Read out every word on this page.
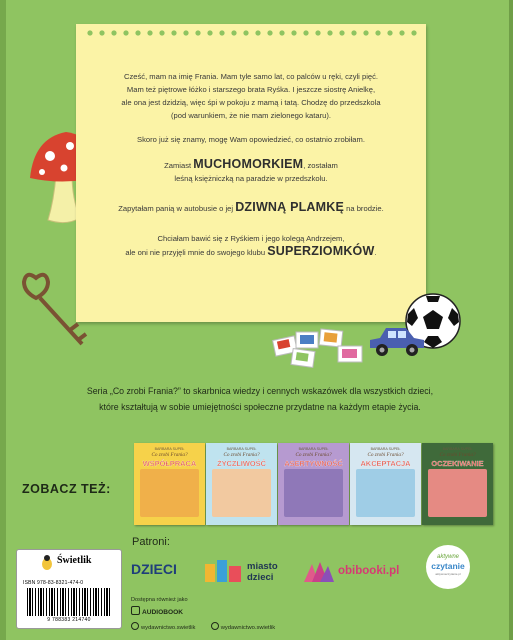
Cześć, mam na imię Frania. Mam tyle samo lat, co palców u ręki, czyli pięć.
Mam też piętrowe łóżko i starszego brata Ryśka. I jeszcze siostrę Anielkę,
ale ona jest dzidzią, więc śpi w pokoju z mamą i tatą. Chodzę do przedszkola
(pod warunkiem, że nie mam zielonego kataru).

Skoro już się znamy, mogę Wam opowiedzieć, co ostatnio zrobiłam.

Zamiast MUCHOMORKIEM, zostałam
leśną księżniczką na paradzie w przedszkolu.

Zapytałam panią w autobusie o jej DZIWNĄ PLAMKĘ na brodzie.

Chciałam bawić się z Ryśkiem i jego kolegą Andrzejem,
ale oni nie przyjęli mnie do swojego klubu SUPERZIOMKÓW.

Seria „Co zrobi Frania?” to skarbnica wiedzy i cennych wskazówek dla wszystkich dzieci,

które kształtują w sobie umiejętności społeczne przydatne na każdym etapie życia.

ZOBACZ TEŻ:
BARBARA SUPEŁ
Co zrobi Frania?
WSPÓŁPRACA
BARBARA SUPEŁ
Co zrobi Frania?
ŻYCZLIWOŚĆ
BARBARA SUPEŁ
Co zrobi Frania?
ASERTYWNOŚĆ
BARBARA SUPEŁ
Co zrobi Frania?
AKCEPTACJA
BARBARA SUPEŁ
Co zrobi Frania?
OCZEKIWANIE
Świetlik
ISBN 978-83-8321-474-0
9 788383 214740
Patroni:
DZIECI	miasto
dzieci
obibooki.pl
aktywne
czytanie
aktywneczytanie.pl
Dostępna również jako
AUDIOBOOK
wydawnictwo.swietlik	wydawnictwo.swietlik
